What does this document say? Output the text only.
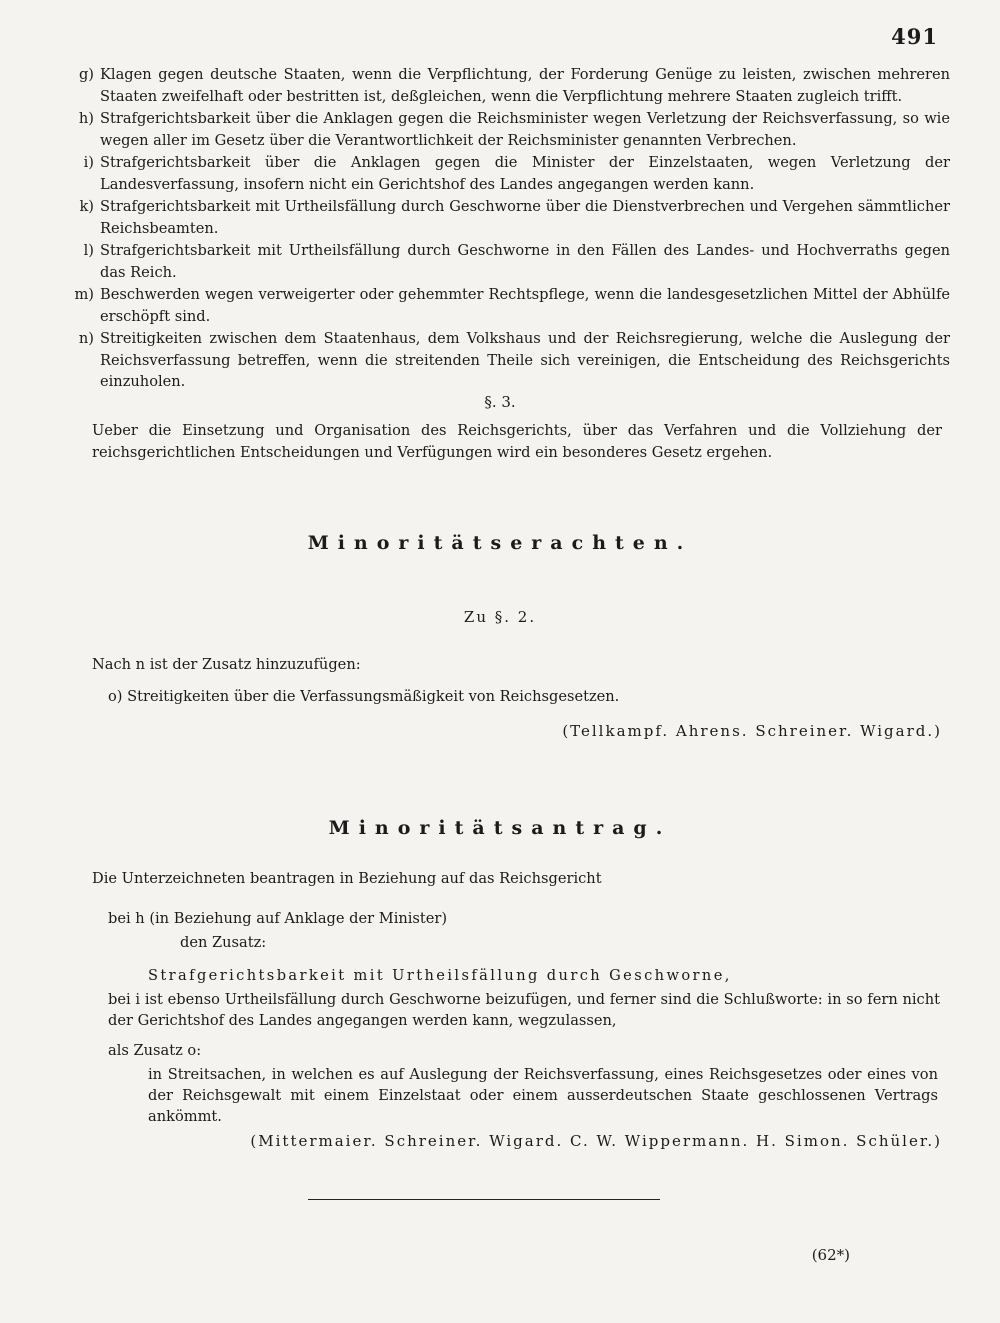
491
g) Klagen gegen deutsche Staaten, wenn die Verpflichtung, der Forderung Genüge zu leisten, zwischen mehreren Staaten zweifelhaft oder bestritten ist, deßgleichen, wenn die Verpflichtung mehrere Staaten zugleich trifft.
h) Strafgerichtsbarkeit über die Anklagen gegen die Reichsminister wegen Verletzung der Reichsverfassung, so wie wegen aller im Gesetz über die Verantwortlichkeit der Reichsminister genannten Verbrechen.
i) Strafgerichtsbarkeit über die Anklagen gegen die Minister der Einzelstaaten, wegen Verletzung der Landesverfassung, insofern nicht ein Gerichtshof des Landes angegangen werden kann.
k) Strafgerichtsbarkeit mit Urtheilsfällung durch Geschworne über die Dienstverbrechen und Vergehen sämmtlicher Reichsbeamten.
l) Strafgerichtsbarkeit mit Urtheilsfällung durch Geschworne in den Fällen des Landes- und Hochverraths gegen das Reich.
m) Beschwerden wegen verweigerter oder gehemmter Rechtspflege, wenn die landesgesetzlichen Mittel der Abhülfe erschöpft sind.
n) Streitigkeiten zwischen dem Staatenhaus, dem Volkshaus und der Reichsregierung, welche die Auslegung der Reichsverfassung betreffen, wenn die streitenden Theile sich vereinigen, die Entscheidung des Reichsgerichts einzuholen.
§. 3.
Ueber die Einsetzung und Organisation des Reichsgerichts, über das Verfahren und die Vollziehung der reichsgerichtlichen Entscheidungen und Verfügungen wird ein besonderes Gesetz ergehen.
Minoritätserachten.
Zu §. 2.
Nach n ist der Zusatz hinzuzufügen:
o) Streitigkeiten über die Verfassungsmäßigkeit von Reichsgesetzen.
(Tellkampf. Ahrens. Schreiner. Wigard.)
Minoritätsantrag.
Die Unterzeichneten beantragen in Beziehung auf das Reichsgericht
bei h (in Beziehung auf Anklage der Minister)
den Zusatz:
Strafgerichtsbarkeit mit Urtheilsfällung durch Geschworne,
bei i ist ebenso Urtheilsfällung durch Geschworne beizufügen, und ferner sind die Schlußworte: in so fern nicht der Gerichtshof des Landes angegangen werden kann, wegzulassen,
als Zusatz o:
in Streitsachen, in welchen es auf Auslegung der Reichsverfassung, eines Reichsgesetzes oder eines von der Reichsgewalt mit einem Einzelstaat oder einem ausserdeutschen Staate geschlossenen Vertrags ankömmt.
(Mittermaier. Schreiner. Wigard. C. W. Wippermann. H. Simon. Schüler.)
(62*)
